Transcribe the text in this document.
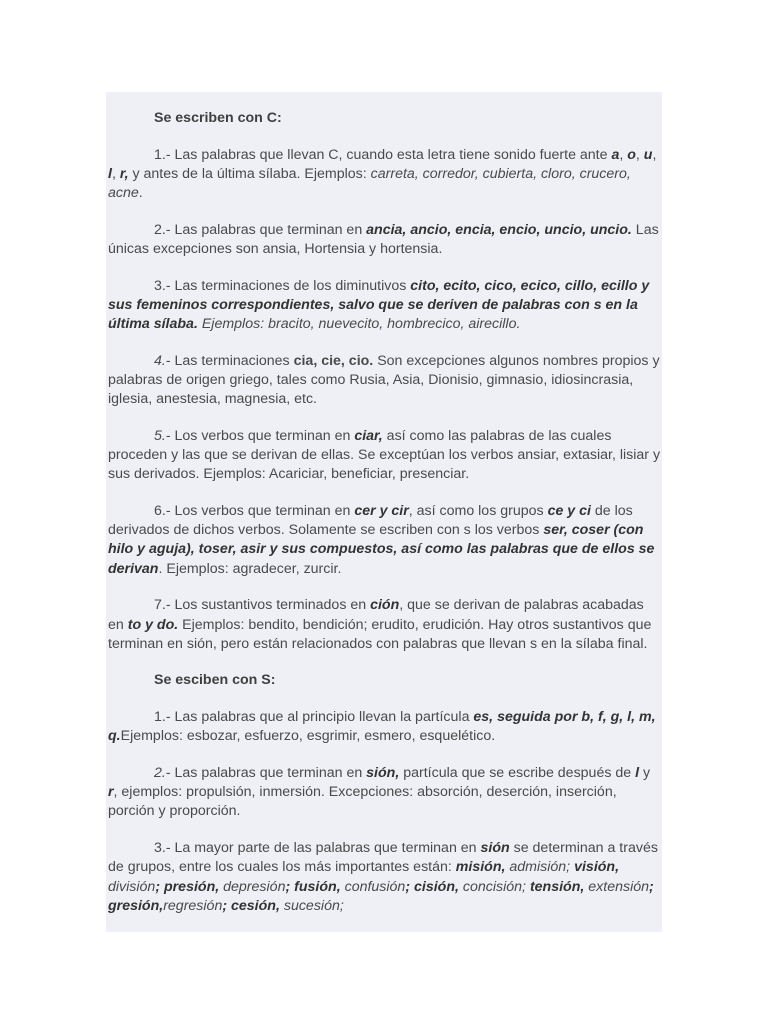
Se escriben con C:

1.- Las palabras que llevan C, cuando esta letra tiene sonido fuerte ante a, o, u, l, r, y antes de la última sílaba. Ejemplos: carreta, corredor, cubierta, cloro, crucero, acne.

2.- Las palabras que terminan en ancia, ancio, encia, encio, uncio, uncio. Las únicas excepciones son ansia, Hortensia y hortensia.

3.- Las terminaciones de los diminutivos cito, ecito, cico, ecico, cillo, ecillo y sus femeninos correspondientes, salvo que se deriven de palabras con s en la última sílaba. Ejemplos: bracito, nuevecito, hombrecico, airecillo.

4.- Las terminaciones cia, cie, cio. Son excepciones algunos nombres propios y palabras de origen griego, tales como Rusia, Asia, Dionisio, gimnasio, idiosincrasia, iglesia, anestesia, magnesia, etc.

5.- Los verbos que terminan en ciar, así como las palabras de las cuales proceden y las que se derivan de ellas. Se exceptúan los verbos ansiar, extasiar, lisiar y sus derivados. Ejemplos: Acariciar, beneficiar, presenciar.

6.- Los verbos que terminan en cer y cir, así como los grupos ce y ci de los derivados de dichos verbos. Solamente se escriben con s los verbos ser, coser (con hilo y aguja), toser, asir y sus compuestos, así como las palabras que de ellos se derivan. Ejemplos: agradecer, zurcir.

7.- Los sustantivos terminados en ción, que se derivan de palabras acabadas en to y do. Ejemplos: bendito, bendición; erudito, erudición. Hay otros sustantivos que terminan en sión, pero están relacionados con palabras que llevan s en la sílaba final.

Se esciben con S:

1.- Las palabras que al principio llevan la partícula es, seguida por b, f, g, l, m, q.Ejemplos: esbozar, esfuerzo, esgrimir, esmero, esquelético.

2.- Las palabras que terminan en sión, partícula que se escribe después de l y r, ejemplos: propulsión, inmersión. Excepciones: absorción, deserción, inserción, porción y proporción.

3.- La mayor parte de las palabras que terminan en sión se determinan a través de grupos, entre los cuales los más importantes están: misión, admisión; visión, división; presión, depresión; fusión, confusión; cisión, concisión; tensión, extensión; gresión,regresión; cesión, sucesión;
